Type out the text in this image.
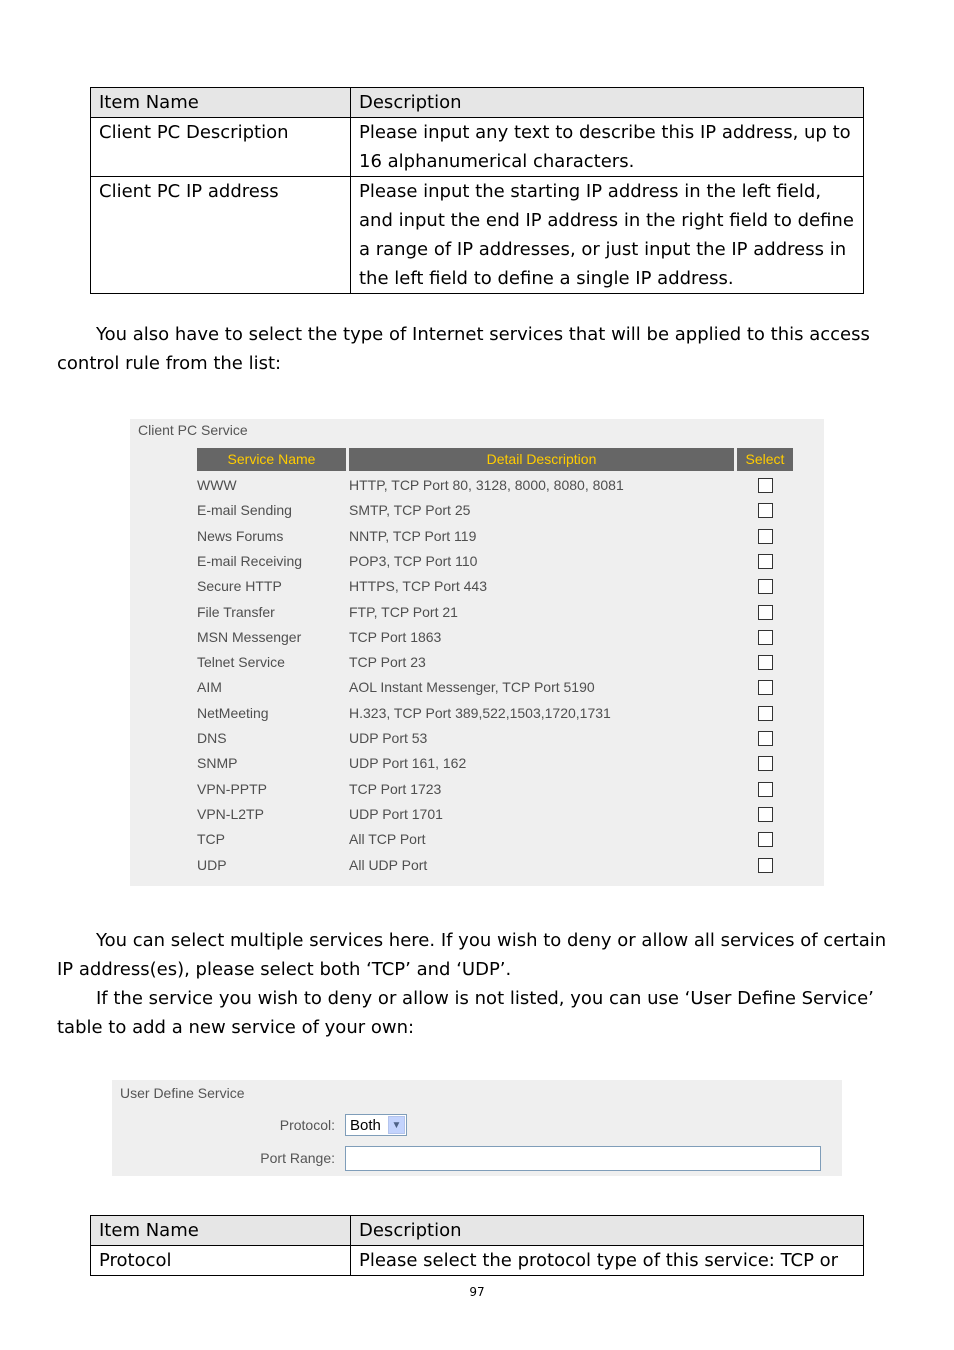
Item Name	Description
Client PC Description	Please input any text to describe this IP address, up to 16 alphanumerical characters.
Client PC IP address	Please input the starting IP address in the left field, and input the end IP address in the right field to define a range of IP addresses, or just input the IP address in the left field to define a single IP address.
You also have to select the type of Internet services that will be applied to this access
control rule from the list:
Client PC Service
Service Name	Detail Description	Select
WWW	HTTP, TCP Port 80, 3128, 8000, 8080, 8081
E-mail Sending	SMTP, TCP Port 25
News Forums	NNTP, TCP Port 119
E-mail Receiving	POP3, TCP Port 110
Secure HTTP	HTTPS, TCP Port 443
File Transfer	FTP, TCP Port 21
MSN Messenger	TCP Port 1863
Telnet Service	TCP Port 23
AIM	AOL Instant Messenger, TCP Port 5190
NetMeeting	H.323, TCP Port 389,522,1503,1720,1731
DNS	UDP Port 53
SNMP	UDP Port 161, 162
VPN-PPTP	TCP Port 1723
VPN-L2TP	UDP Port 1701
TCP	All TCP Port
UDP	All UDP Port
You can select multiple services here. If you wish to deny or allow all services of certain
IP address(es), please select both ‘TCP’ and ‘UDP’.
If the service you wish to deny or allow is not listed, you can use ‘User Define Service’
table to add a new service of your own:
User Define Service
Protocol: Both	▼
Port Range:
Item Name	Description
Protocol	Please select the protocol type of this service: TCP or
97
